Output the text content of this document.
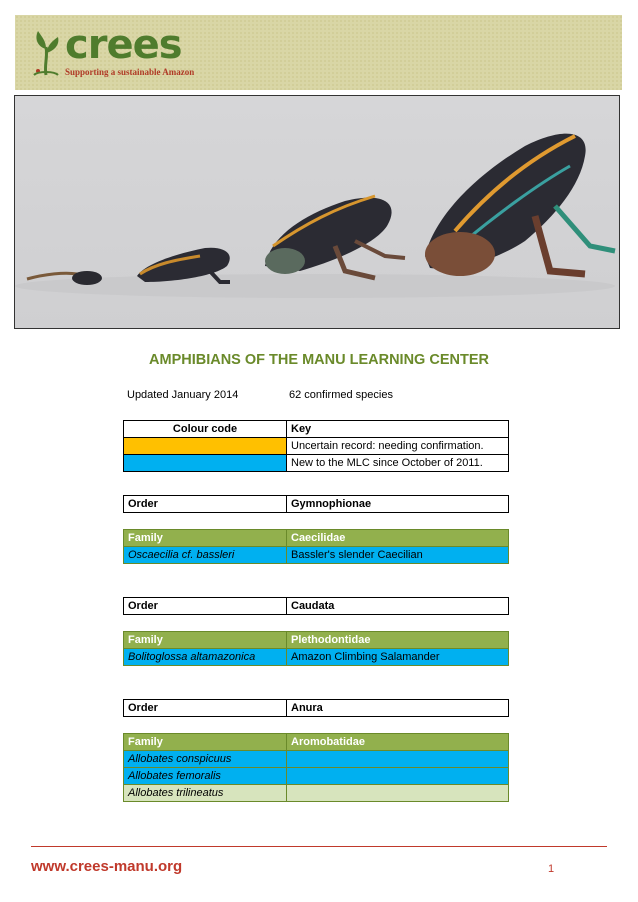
crees
Supporting a sustainable Amazon
AMPHIBIANS OF THE MANU LEARNING CENTER
Updated January 2014	62 confirmed species
Colour code	Key
	Uncertain record: needing confirmation.
	New to the MLC since October of 2011.
Order	Gymnophionae
Family	Caecilidae
Oscaecilia cf. bassleri	Bassler's slender Caecilian
Order	Caudata
Family	Plethodontidae
Bolitoglossa altamazonica	Amazon Climbing Salamander
Order	Anura
Family	Aromobatidae
Allobates conspicuus	
Allobates femoralis	
Allobates trilineatus	
www.crees-manu.org	1
